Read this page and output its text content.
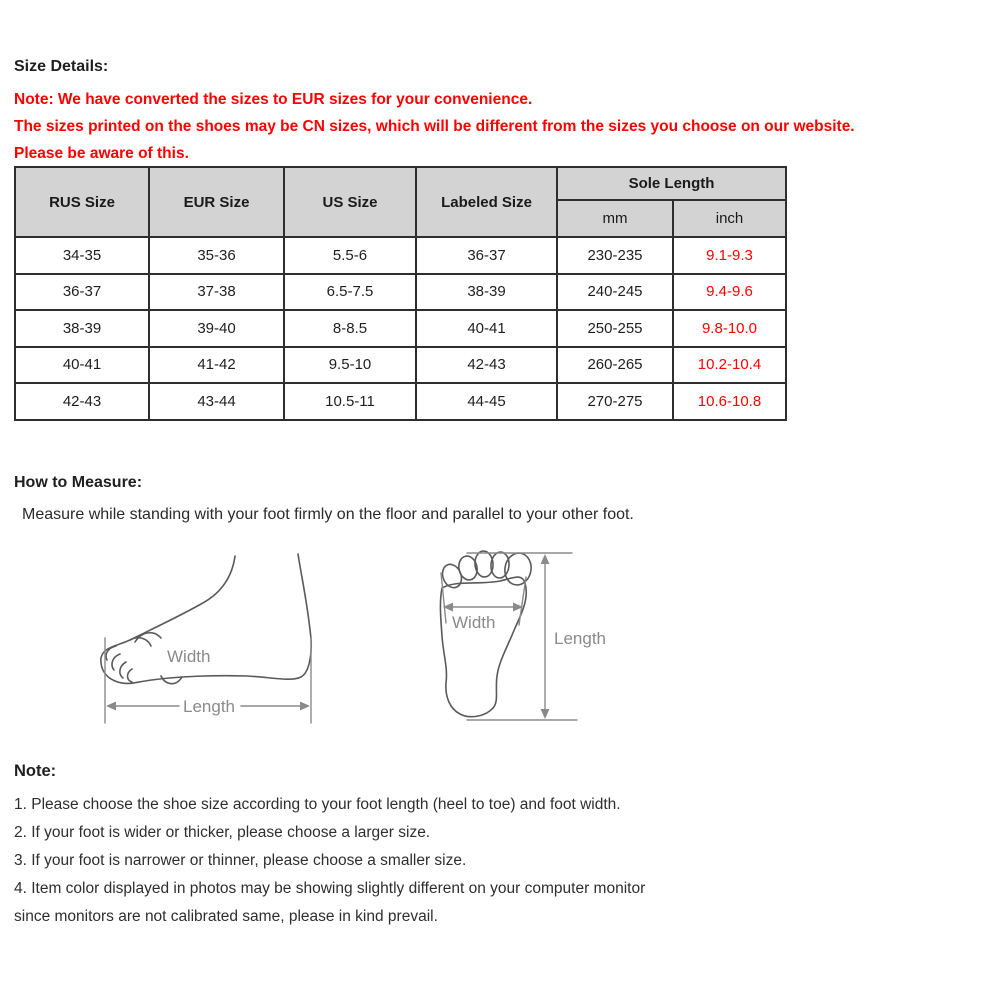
Size Details:
Note: We have converted the sizes to EUR sizes for your convenience.
The sizes printed on the shoes may be CN sizes, which will be different from the sizes you choose on our website.
Please be aware of this.
RUS Size	EUR Size	US Size	Labeled Size	Sole Length	
				mm	inch
34-35	35-36	5.5-6	36-37	230-235	9.1-9.3
36-37	37-38	6.5-7.5	38-39	240-245	9.4-9.6
38-39	39-40	8-8.5	40-41	250-255	9.8-10.0
40-41	41-42	9.5-10	42-43	260-265	10.2-10.4
42-43	43-44	10.5-11	44-45	270-275	10.6-10.8
How to Measure:
Measure while standing with your foot firmly on the floor and parallel to your other foot.
Length
Width
Width
Length
Note:
1. Please choose the shoe size according to your foot length (heel to toe) and foot width.
2. If your foot is wider or thicker, please choose a larger size.
3. If your foot is narrower or thinner, please choose a smaller size.
4. Item color displayed in photos may be showing slightly different on your computer monitor
since monitors are not calibrated same, please in kind prevail.
